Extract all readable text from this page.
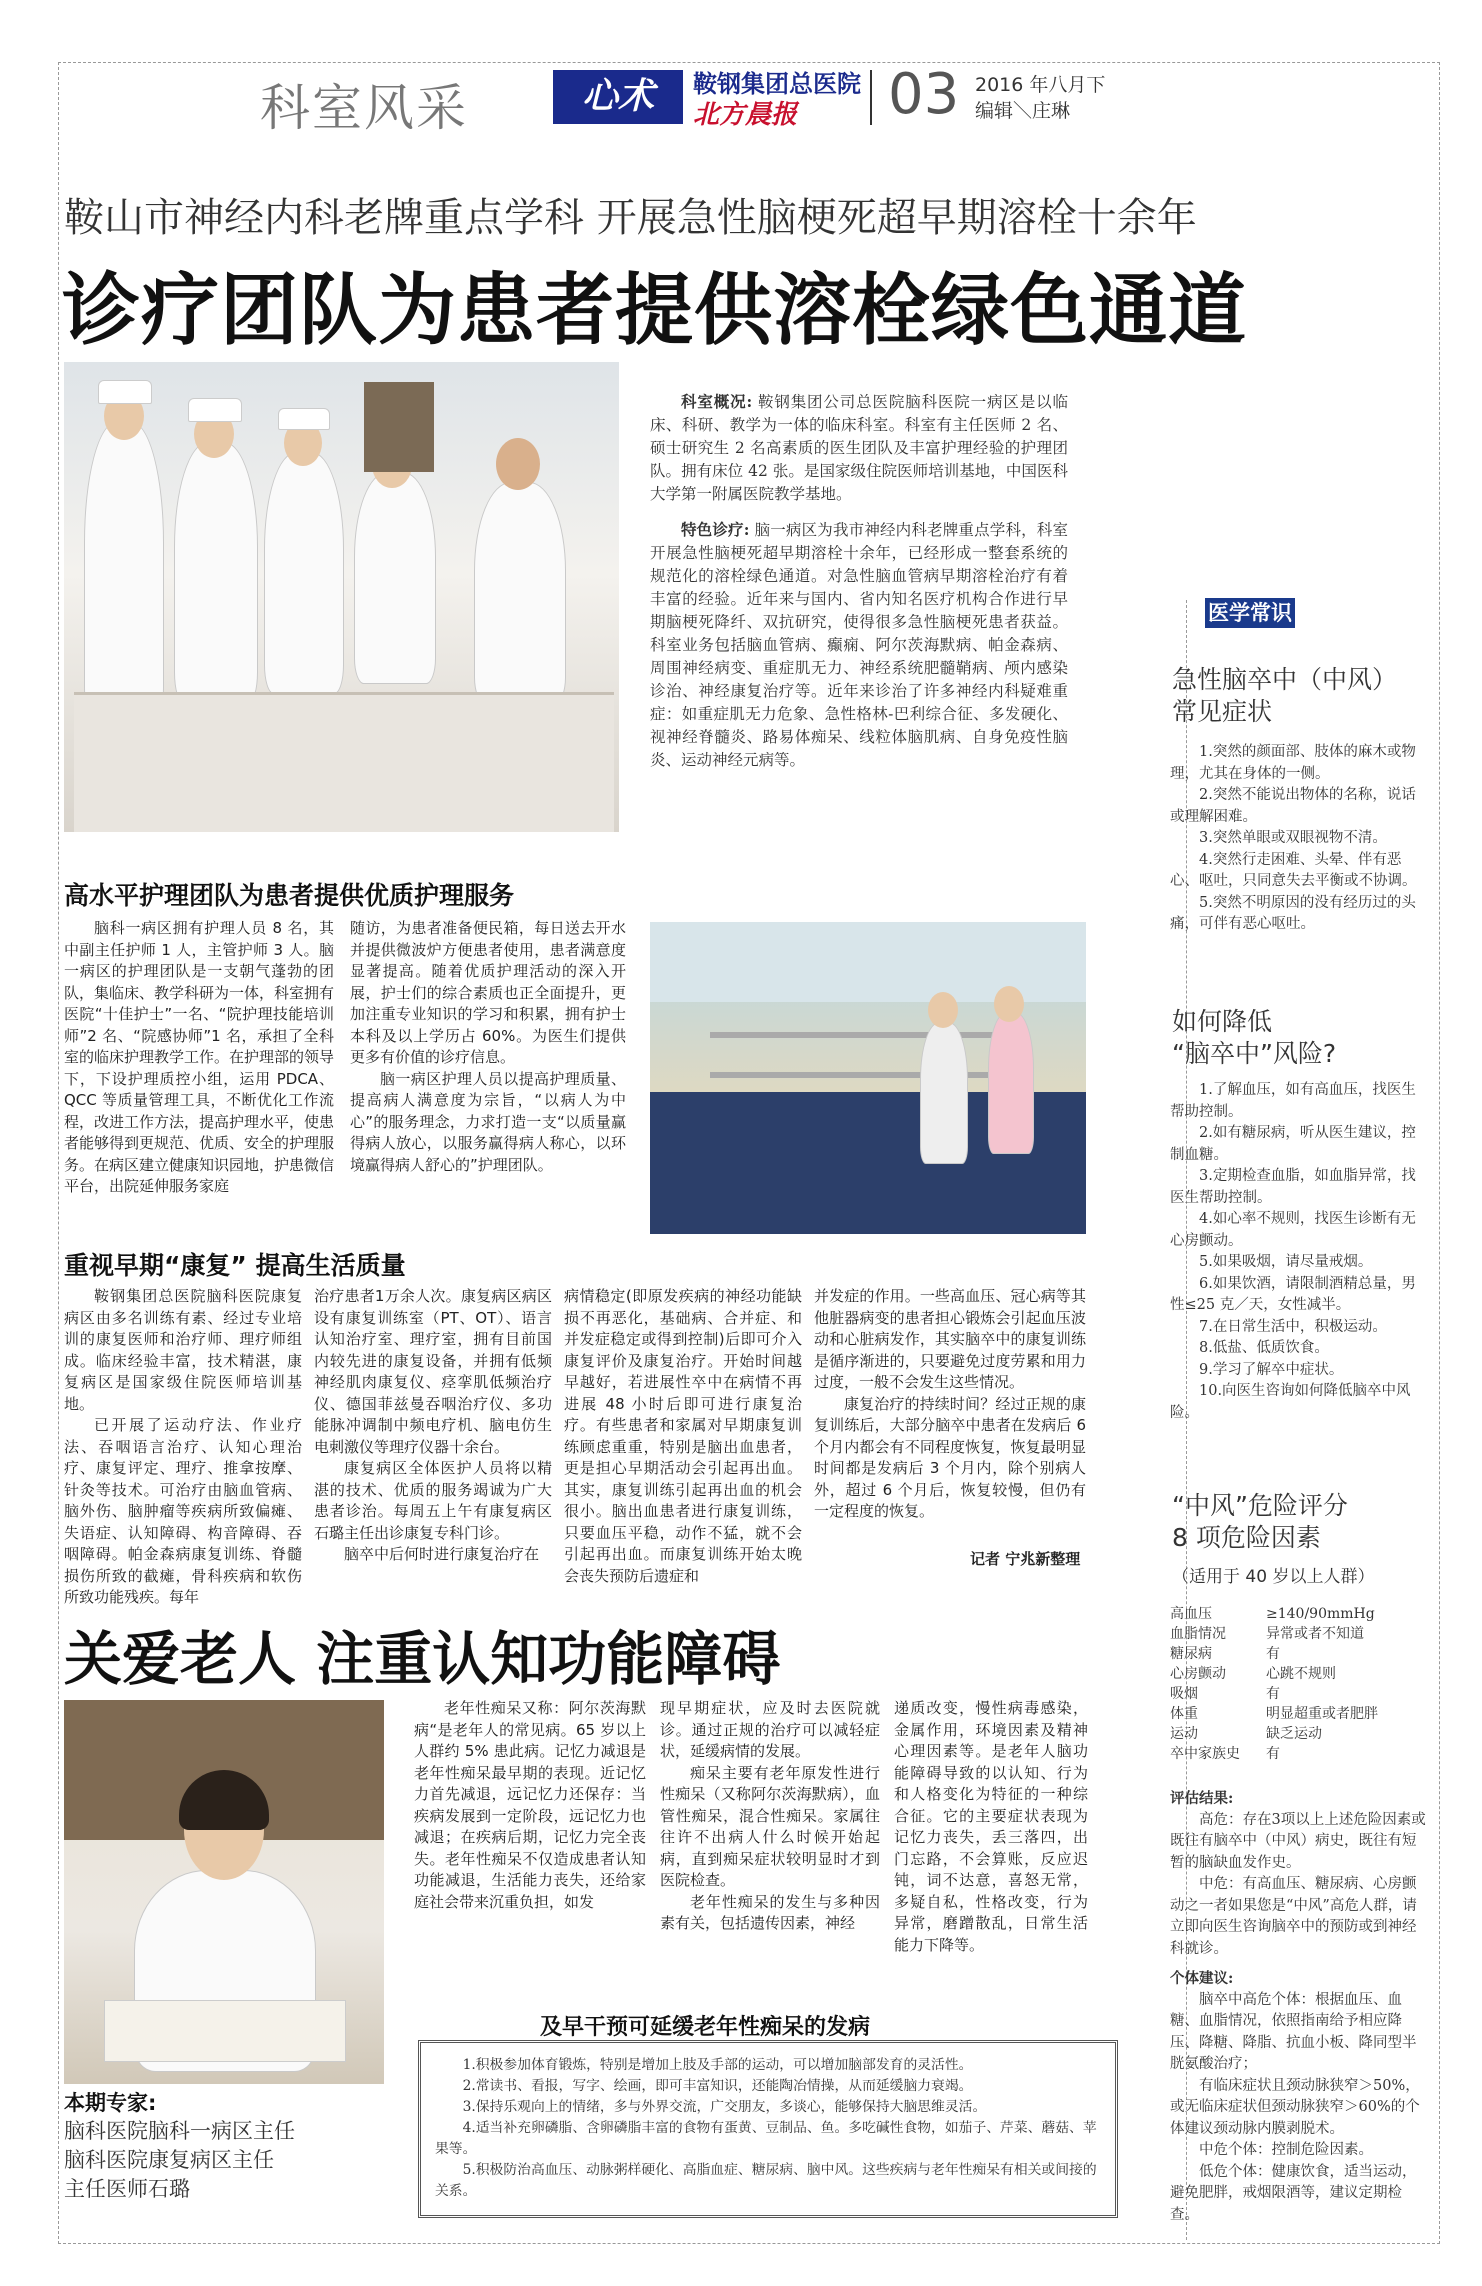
科室风采	心术	鞍钢集团总医院
北方晨报 03 2016 年八月下
编辑＼庄琳
鞍山市神经内科老牌重点学科 开展急性脑梗死超早期溶栓十余年
诊疗团队为患者提供溶栓绿色通道

科室概况: 鞍钢集团公司总医院脑科医院一病区是以临床、科研、教学为一体的临床科室。科室有主任医师 2 名、硕士研究生 2 名高素质的医生团队及丰富护理经验的护理团队。拥有床位 42 张。是国家级住院医师培训基地，中国医科大学第一附属医院教学基地。

特色诊疗: 脑一病区为我市神经内科老牌重点学科，科室开展急性脑梗死超早期溶栓十余年，已经形成一整套系统的规范化的溶栓绿色通道。对急性脑血管病早期溶栓治疗有着丰富的经验。近年来与国内、省内知名医疗机构合作进行早期脑梗死降纤、双抗研究，使得很多急性脑梗死患者获益。科室业务包括脑血管病、癫痫、阿尔茨海默病、帕金森病、周围神经病变、重症肌无力、神经系统肥髓鞘病、颅内感染诊治、神经康复治疗等。近年来诊治了许多神经内科疑难重症：如重症肌无力危象、急性格林-巴利综合征、多发硬化、视神经脊髓炎、路易体痴呆、线粒体脑肌病、自身免疫性脑炎、运动神经元病等。

高水平护理团队为患者提供优质护理服务

脑科一病区拥有护理人员 8 名，其中副主任护师 1 人，主管护师 3 人。脑一病区的护理团队是一支朝气蓬勃的团队，集临床、教学科研为一体，科室拥有医院“十佳护士”一名、“院护理技能培训师”2 名、“院感协师”1 名，承担了全科室的临床护理教学工作。在护理部的领导下，下设护理质控小组，运用 PDCA、QCC 等质量管理工具，不断优化工作流程，改进工作方法，提高护理水平，使患者能够得到更规范、优质、安全的护理服务。在病区建立健康知识园地，护患微信平台，出院延伸服务家庭

随访，为患者准备便民箱，每日送去开水并提供微波炉方便患者使用，患者满意度显著提高。随着优质护理活动的深入开展，护士们的综合素质也正全面提升，更加注重专业知识的学习和积累，拥有护士本科及以上学历占 60%。为医生们提供更多有价值的诊疗信息。

脑一病区护理人员以提高护理质量、提高病人满意度为宗旨，“以病人为中心”的服务理念，力求打造一支“以质量赢得病人放心，以服务赢得病人称心，以环境赢得病人舒心的”护理团队。

重视早期“康复” 提高生活质量

鞍钢集团总医院脑科医院康复病区由多名训练有素、经过专业培训的康复医师和治疗师、理疗师组成。临床经验丰富，技术精湛，康复病区是国家级住院医师培训基地。

已开展了运动疗法、作业疗法、吞咽语言治疗、认知心理治疗、康复评定、理疗、推拿按摩、针灸等技术。可治疗由脑血管病、脑外伤、脑肿瘤等疾病所致偏瘫、失语症、认知障碍、构音障碍、吞咽障碍。帕金森病康复训练、脊髓损伤所致的截瘫，骨科疾病和软伤所致功能残疾。每年

治疗患者1万余人次。康复病区病区设有康复训练室（PT、OT）、语言认知治疗室、理疗室，拥有目前国内较先进的康复设备，并拥有低频神经肌肉康复仪、痉挛肌低频治疗仪、德国菲兹曼吞咽治疗仪、多功能脉冲调制中频电疗机、脑电仿生电刺激仪等理疗仪器十余台。

康复病区全体医护人员将以精湛的技术、优质的服务竭诚为广大患者诊治。每周五上午有康复病区石璐主任出诊康复专科门诊。

脑卒中后何时进行康复治疗在

病情稳定(即原发疾病的神经功能缺损不再恶化，基础病、合并症、和并发症稳定或得到控制)后即可介入康复评价及康复治疗。开始时间越早越好，若进展性卒中在病情不再进展 48 小时后即可进行康复治疗。有些患者和家属对早期康复训练顾虑重重，特别是脑出血患者，更是担心早期活动会引起再出血。其实，康复训练引起再出血的机会很小。脑出血患者进行康复训练，只要血压平稳，动作不猛，就不会引起再出血。而康复训练开始太晚会丧失预防后遗症和

并发症的作用。一些高血压、冠心病等其他脏器病变的患者担心锻炼会引起血压波动和心脏病发作，其实脑卒中的康复训练是循序渐进的，只要避免过度劳累和用力过度，一般不会发生这些情况。

康复治疗的持续时间？经过正规的康复训练后，大部分脑卒中患者在发病后 6 个月内都会有不同程度恢复，恢复最明显时间都是发病后 3 个月内，除个别病人外，超过 6 个月后，恢复较慢，但仍有一定程度的恢复。

记者 宁兆新整理
关爱老人 注重认知功能障碍
本期专家:
脑科医院脑科一病区主任
脑科医院康复病区主任
主任医师石璐

老年性痴呆又称：阿尔茨海默病“是老年人的常见病。65 岁以上人群约 5% 患此病。记忆力减退是老年性痴呆最早期的表现。近记忆力首先减退，远记忆力还保存：当疾病发展到一定阶段，远记忆力也减退；在疾病后期，记忆力完全丧失。老年性痴呆不仅造成患者认知功能减退，生活能力丧失，还给家庭社会带来沉重负担，如发

现早期症状，应及时去医院就诊。通过正规的治疗可以减轻症状，延缓病情的发展。

痴呆主要有老年原发性进行性痴呆（又称阿尔茨海默病），血管性痴呆，混合性痴呆。家属往往许不出病人什么时候开始起病，直到痴呆症状较明显时才到医院检查。

老年性痴呆的发生与多种因素有关，包括遗传因素，神经

递质改变，慢性病毒感染，金属作用，环境因素及精神心理因素等。是老年人脑功能障碍导致的以认知、行为和人格变化为特征的一种综合征。它的主要症状表现为记忆力丧失，丢三落四，出门忘路，不会算账，反应迟钝，词不达意，喜怒无常，多疑自私，性格改变，行为异常，磨蹭散乱，日常生活能力下降等。

及早干预可延缓老年性痴呆的发病

1.积极参加体育锻炼，特别是增加上肢及手部的运动，可以增加脑部发育的灵活性。

2.常读书、看报，写字、绘画，即可丰富知识，还能陶冶情操，从而延缓脑力衰竭。

3.保持乐观向上的情绪，多与外界交流，广交朋友，多谈心，能够保持大脑思维灵活。

4.适当补充卵磷脂、含卵磷脂丰富的食物有蛋黄、豆制品、鱼。多吃碱性食物，如茄子、芹菜、蘑菇、苹果等。

5.积极防治高血压、动脉粥样硬化、高脂血症、糖尿病、脑中风。这些疾病与老年性痴呆有相关或间接的关系。

医学常识
急性脑卒中（中风）
常见症状

1.突然的颜面部、肢体的麻木或物理，尤其在身体的一侧。

2.突然不能说出物体的名称，说话或理解困难。

3.突然单眼或双眼视物不清。

4.突然行走困难、头晕、伴有恶心、呕吐，只同意失去平衡或不协调。

5.突然不明原因的没有经历过的头痛，可伴有恶心呕吐。

如何降低
“脑卒中”风险?

1.了解血压，如有高血压，找医生帮助控制。

2.如有糖尿病，听从医生建议，控制血糖。

3.定期检查血脂，如血脂异常，找医生帮助控制。

4.如心率不规则，找医生诊断有无心房颤动。

5.如果吸烟，请尽量戒烟。

6.如果饮酒，请限制酒精总量，男性≤25 克／天，女性减半。

7.在日常生活中，积极运动。

8.低盐、低质饮食。

9.学习了解卒中症状。

10.向医生咨询如何降低脑卒中风险。

“中风”危险评分
8 项危险因素
（适用于 40 岁以上人群）
高血压	≥140/90mmHg
血脂情况	异常或者不知道
糖尿病	有
心房颤动	心跳不规则
吸烟	有
体重	明显超重或者肥胖
运动	缺乏运动
卒中家族史	有
评估结果:

高危：存在3项以上上述危险因素或既往有脑卒中（中风）病史，既往有短暂的脑缺血发作史。

中危：有高血压、糖尿病、心房颤动之一者如果您是“中风”高危人群，请立即向医生咨询脑卒中的预防或到神经科就诊。

个体建议:

脑卒中高危个体：根据血压、血糖、血脂情况，依照指南给予相应降压、降糖、降脂、抗血小板、降同型半胱氨酸治疗；

有临床症状且颈动脉狭窄＞50%，或无临床症状但颈动脉狭窄＞60%的个体建议颈动脉内膜剥脱术。

中危个体：控制危险因素。

低危个体：健康饮食，适当运动，避免肥胖，戒烟限酒等，建议定期检查。
